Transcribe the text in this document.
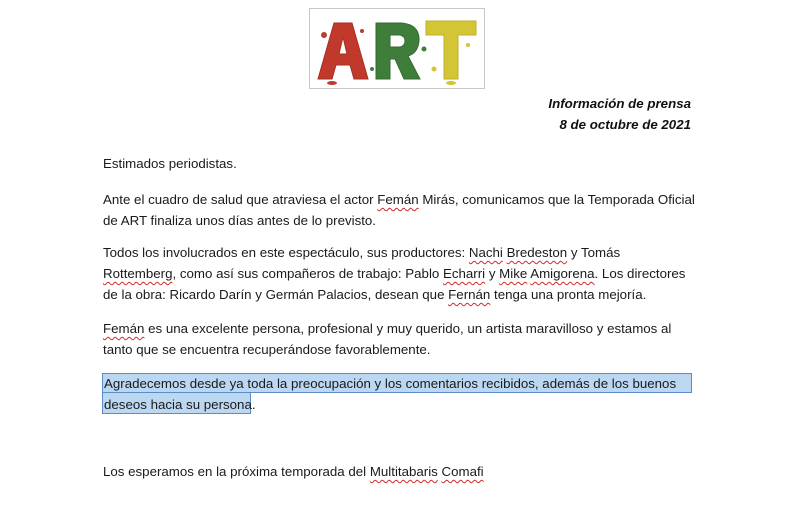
Información de prensa
8 de octubre de 2021

Estimados periodistas.

Ante el cuadro de salud que atraviesa el actor Femán Mirás, comunicamos que la Temporada Oficial de ART finaliza unos días antes de lo previsto.

Todos los involucrados en este espectáculo, sus productores: Nachi Bredeston y Tomás Rottemberg, como así sus compañeros de trabajo: Pablo Echarri y Mike Amigorena. Los directores de la obra: Ricardo Darín y Germán Palacios, desean que Fernán tenga una pronta mejoría.

Femán es una excelente persona, profesional y muy querido, un artista maravilloso y estamos al tanto que se encuentra recuperándose favorablemente.

Agradecemos desde ya toda la preocupación y los comentarios recibidos, además de los buenos deseos hacia su persona.

Los esperamos en la próxima temporada del Multitabaris Comafi
